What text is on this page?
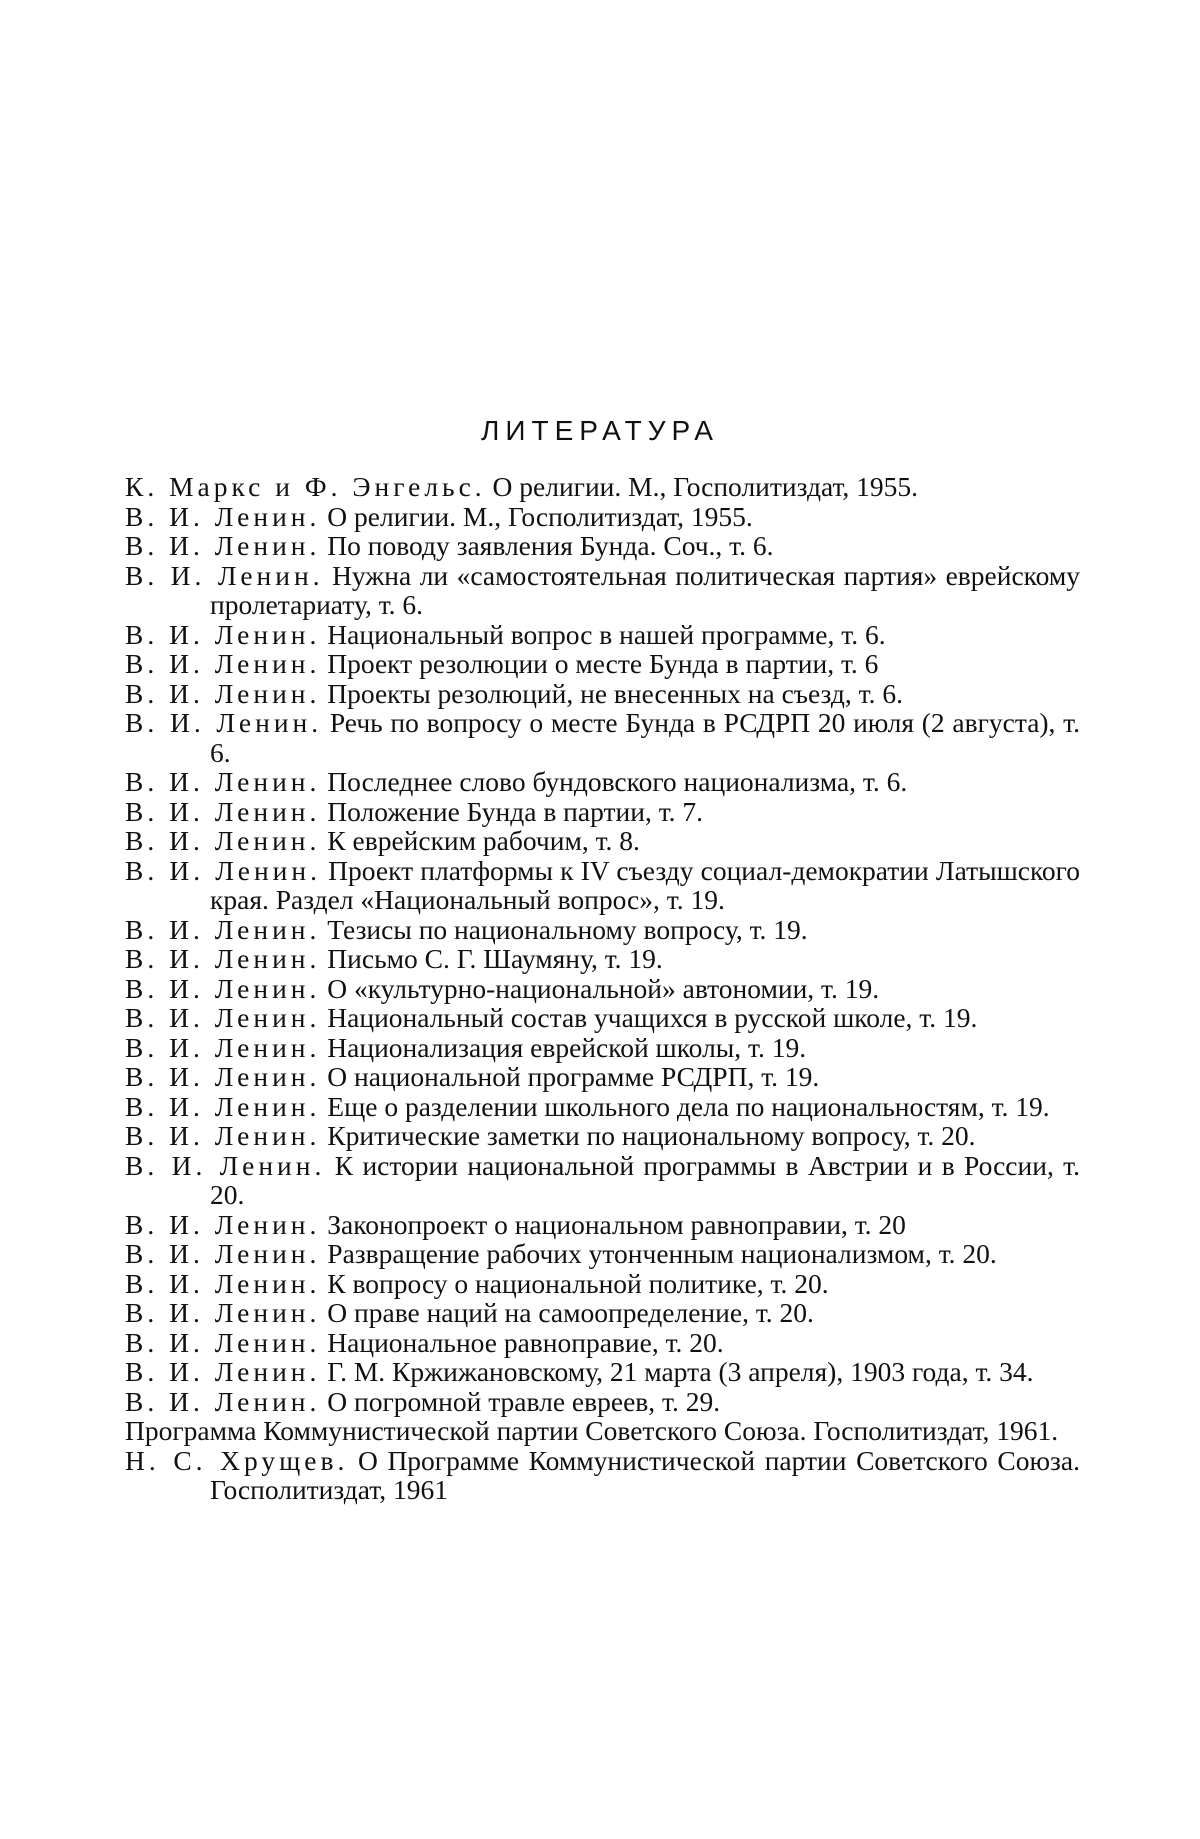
ЛИТЕРАТУРА
К. Маркс и Ф. Энгельс. О религии. М., Госполитиздат, 1955.
В. И. Ленин. О религии. М., Госполитиздат, 1955.
В. И. Ленин. По поводу заявления Бунда. Соч., т. 6.
В. И. Ленин. Нужна ли «самостоятельная политическая партия» еврейскому пролетариату, т. 6.
В. И. Ленин. Национальный вопрос в нашей программе, т. 6.
В. И. Ленин. Проект резолюции о месте Бунда в партии, т. 6
В. И. Ленин. Проекты резолюций, не внесенных на съезд, т. 6.
В. И. Ленин. Речь по вопросу о месте Бунда в РСДРП 20 июля (2 августа), т. 6.
В. И. Ленин. Последнее слово бундовского национализма, т. 6.
В. И. Ленин. Положение Бунда в партии, т. 7.
В. И. Ленин. К еврейским рабочим, т. 8.
В. И. Ленин. Проект платформы к IV съезду социал-демократии Латышского края. Раздел «Национальный вопрос», т. 19.
В. И. Ленин. Тезисы по национальному вопросу, т. 19.
В. И. Ленин. Письмо С. Г. Шаумяну, т. 19.
В. И. Ленин. О «культурно-национальной» автономии, т. 19.
В. И. Ленин. Национальный состав учащихся в русской школе, т. 19.
В. И. Ленин. Национализация еврейской школы, т. 19.
В. И. Ленин. О национальной программе РСДРП, т. 19.
В. И. Ленин. Еще о разделении школьного дела по национальностям, т. 19.
В. И. Ленин. Критические заметки по национальному вопросу, т. 20.
В. И. Ленин. К истории национальной программы в Австрии и в России, т. 20.
В. И. Ленин. Законопроект о национальном равноправии, т. 20
В. И. Ленин. Развращение рабочих утонченным национализмом, т. 20.
В. И. Ленин. К вопросу о национальной политике, т. 20.
В. И. Ленин. О праве наций на самоопределение, т. 20.
В. И. Ленин. Национальное равноправие, т. 20.
В. И. Ленин. Г. М. Кржижановскому, 21 марта (3 апреля), 1903 года, т. 34.
В. И. Ленин. О погромной травле евреев, т. 29.
Программа Коммунистической партии Советского Союза. Госполитиздат, 1961.
Н. С. Хрущев. О Программе Коммунистической партии Советского Союза. Госполитиздат, 1961
